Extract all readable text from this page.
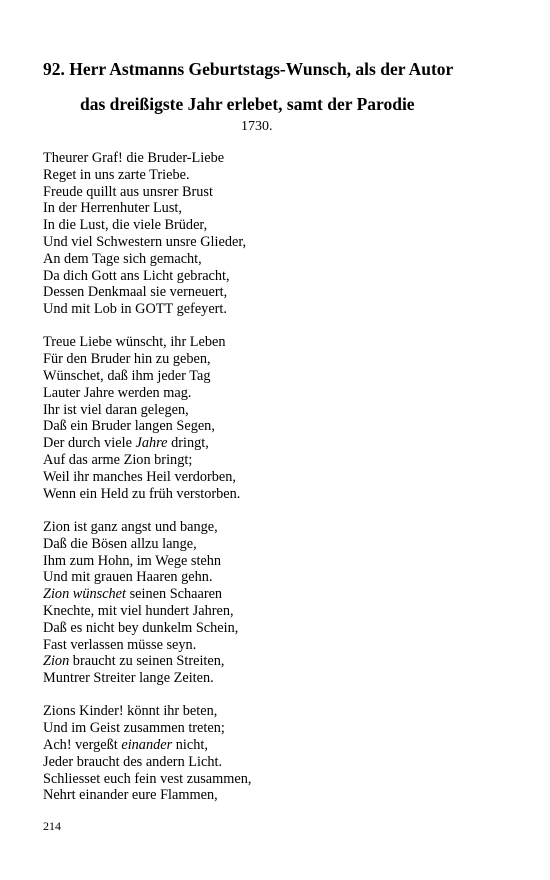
92. Herr Astmanns Geburtstags-Wunsch, als der Autor
das dreißigste Jahr erlebet, samt der Parodie
1730.
Theurer Graf! die Bruder-Liebe
Reget in uns zarte Triebe.
Freude quillt aus unsrer Brust
In der Herrenhuter Lust,
In die Lust, die viele Brüder,
Und viel Schwestern unsre Glieder,
An dem Tage sich gemacht,
Da dich Gott ans Licht gebracht,
Dessen Denkmaal sie verneuert,
Und mit Lob in GOTT gefeyert.
Treue Liebe wünscht, ihr Leben
Für den Bruder hin zu geben,
Wünschet, daß ihm jeder Tag
Lauter Jahre werden mag.
Ihr ist viel daran gelegen,
Daß ein Bruder langen Segen,
Der durch viele Jahre dringt,
Auf das arme Zion bringt;
Weil ihr manches Heil verdorben,
Wenn ein Held zu früh verstorben.
Zion ist ganz angst und bange,
Daß die Bösen allzu lange,
Ihm zum Hohn, im Wege stehn
Und mit grauen Haaren gehn.
Zion wünschet seinen Schaaren
Knechte, mit viel hundert Jahren,
Daß es nicht bey dunkelm Schein,
Fast verlassen müsse seyn.
Zion braucht zu seinen Streiten,
Muntrer Streiter lange Zeiten.
Zions Kinder! könnt ihr beten,
Und im Geist zusammen treten;
Ach! vergeßt einander nicht,
Jeder braucht des andern Licht.
Schliesset euch fein vest zusammen,
Nehrt einander eure Flammen,
214
